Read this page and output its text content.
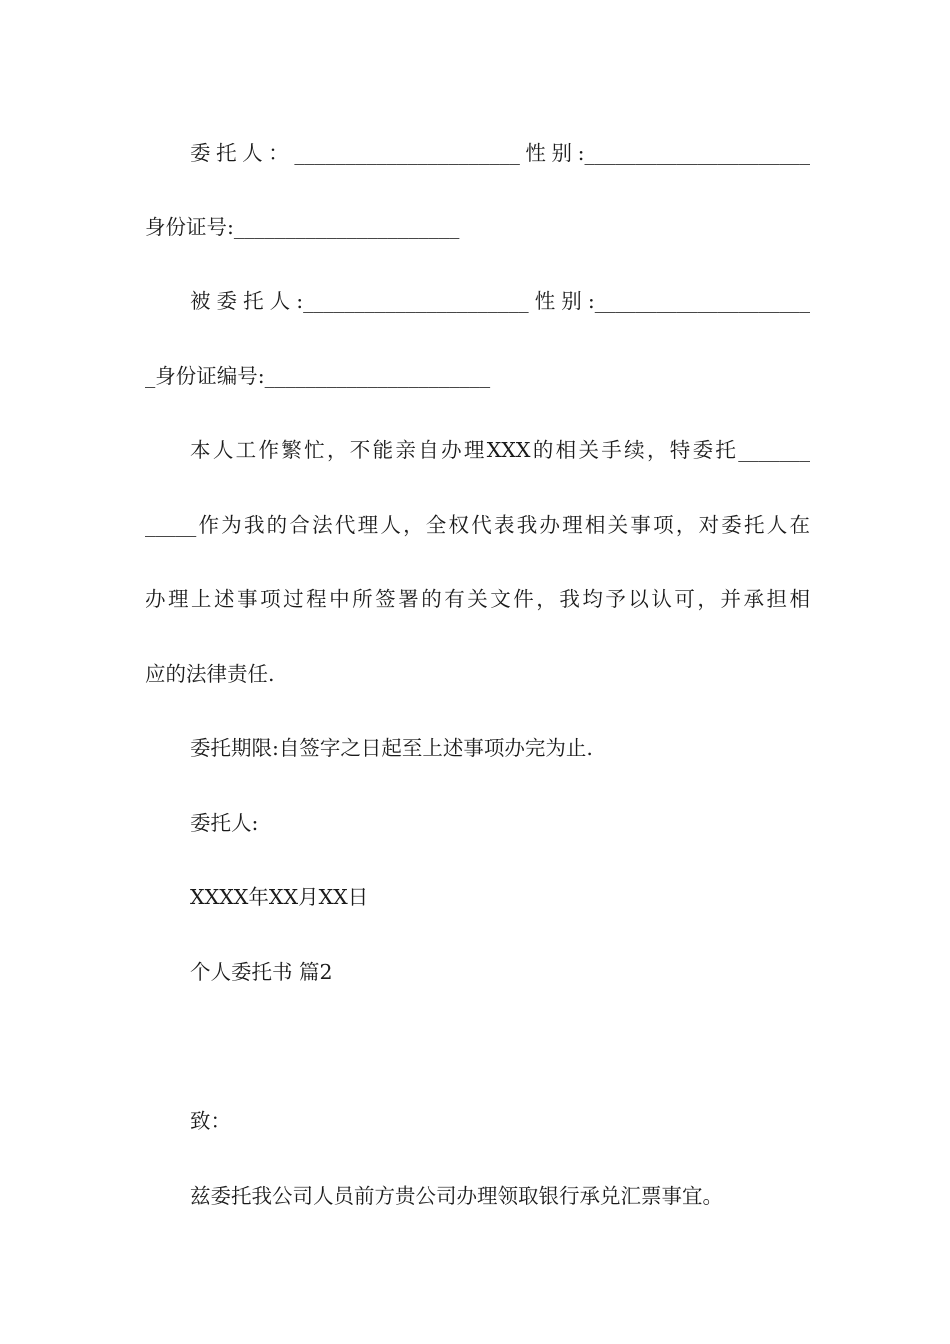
委托人：______________________性别:______________________
身份证号:______________________
被委托人:______________________性别:_____________________
_身份证编号:______________________
本人工作繁忙，不能亲自办理XXX的相关手续，特委托_______
_____作为我的合法代理人，全权代表我办理相关事项，对委托人在
办理上述事项过程中所签署的有关文件，我均予以认可，并承担相
应的法律责任.
委托期限:自签字之日起至上述事项办完为止.
委托人:
XXXX年XX月XX日
个人委托书 篇2
致：
兹委托我公司人员前方贵公司办理领取银行承兑汇票事宜。
